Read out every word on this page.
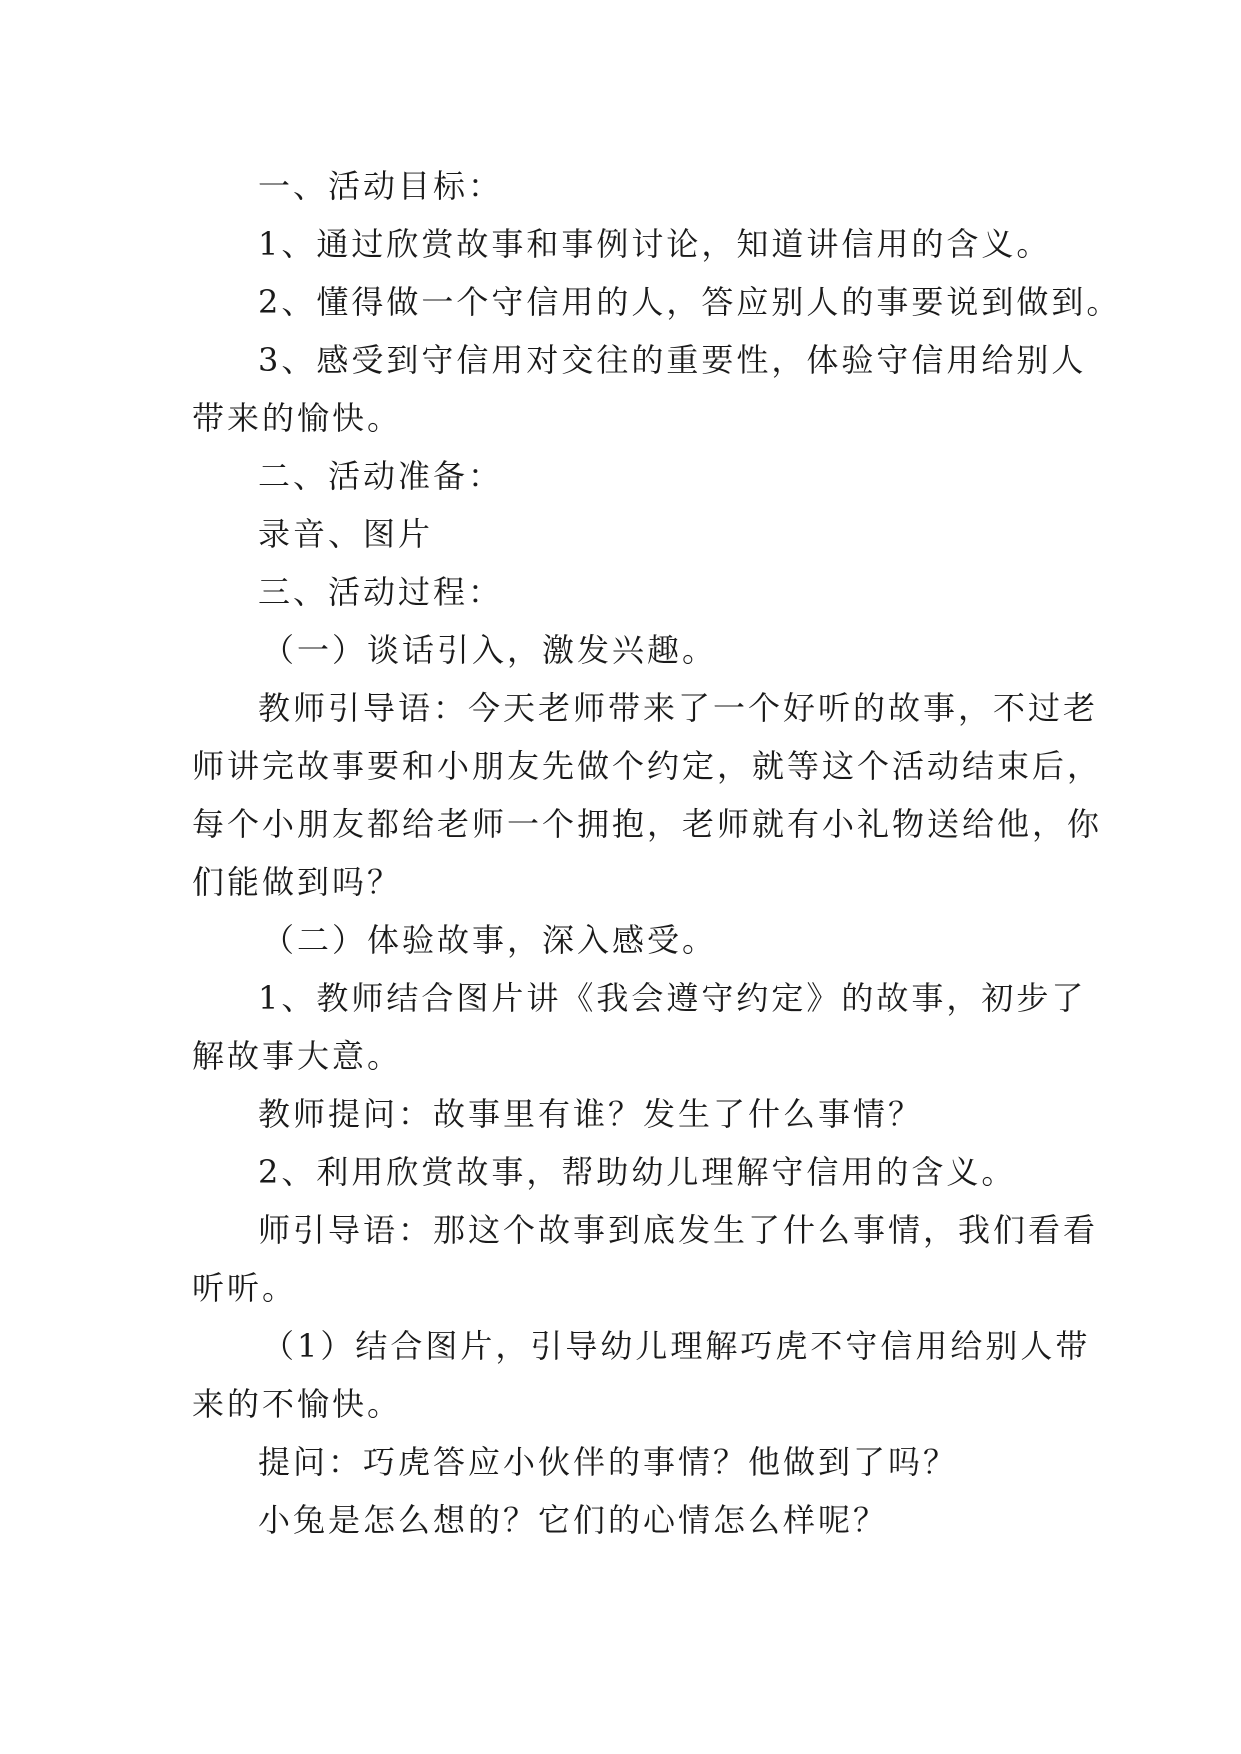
一、活动目标：
1、通过欣赏故事和事例讨论，知道讲信用的含义。
2、懂得做一个守信用的人，答应别人的事要说到做到。
3、感受到守信用对交往的重要性，体验守信用给别人
带来的愉快。
二、活动准备：
录音、图片
三、活动过程：
（一）谈话引入，激发兴趣。
教师引导语：今天老师带来了一个好听的故事，不过老
师讲完故事要和小朋友先做个约定，就等这个活动结束后，
每个小朋友都给老师一个拥抱，老师就有小礼物送给他，你
们能做到吗？
（二）体验故事，深入感受。
1、教师结合图片讲《我会遵守约定》的故事，初步了
解故事大意。
教师提问：故事里有谁？发生了什么事情？
2、利用欣赏故事，帮助幼儿理解守信用的含义。
师引导语：那这个故事到底发生了什么事情，我们看看
听听。
（1）结合图片，引导幼儿理解巧虎不守信用给别人带
来的不愉快。
提问：巧虎答应小伙伴的事情？他做到了吗？
小兔是怎么想的？它们的心情怎么样呢？
